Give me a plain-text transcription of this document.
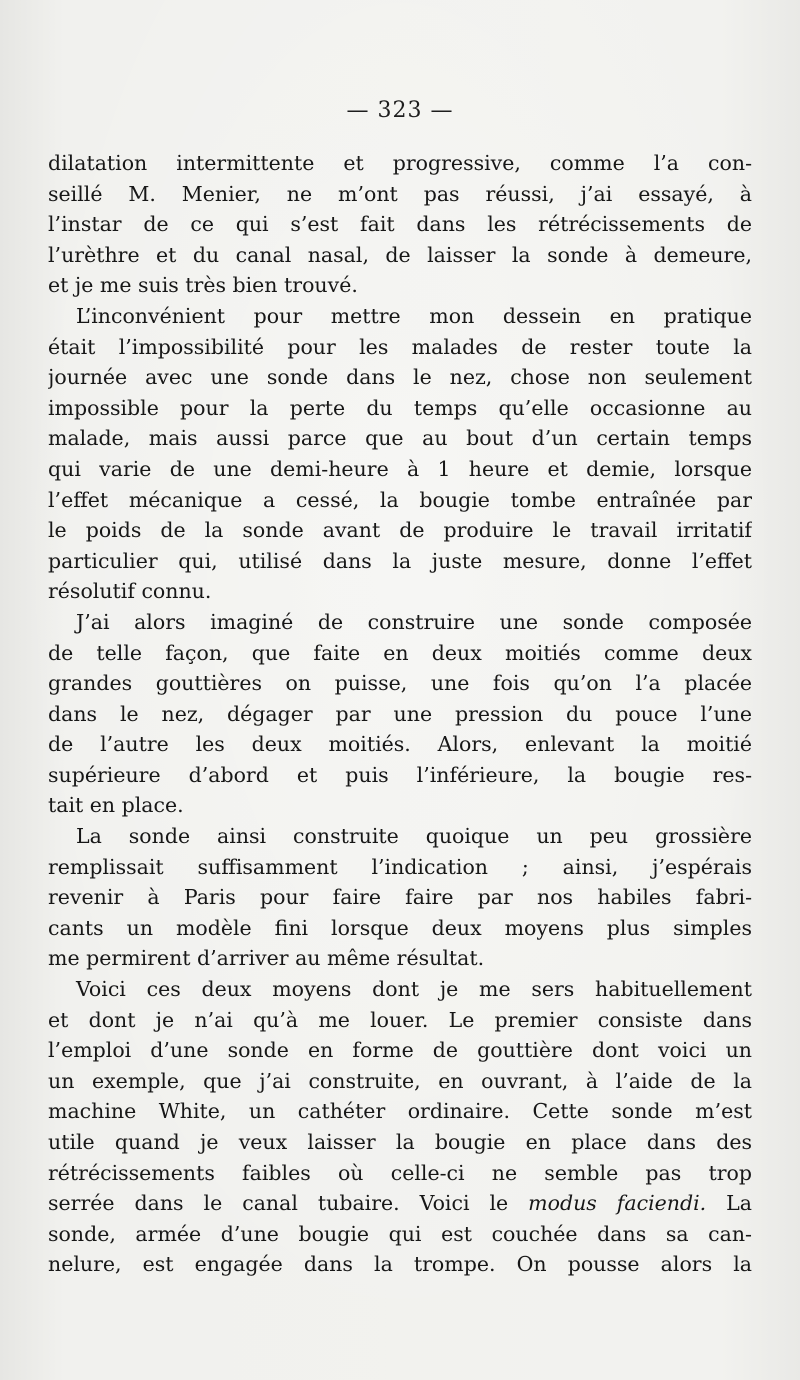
— 323 —
dilatation intermittente et progressive, comme l’a con-
seillé M. Menier, ne m’ont pas réussi, j’ai essayé, à
l’instar de ce qui s’est fait dans les rétrécissements de
l’urèthre et du canal nasal, de laisser la sonde à demeure,
et je me suis très bien trouvé.
L’inconvénient pour mettre mon dessein en pratique
était l’impossibilité pour les malades de rester toute la
journée avec une sonde dans le nez, chose non seulement
impossible pour la perte du temps qu’elle occasionne au
malade, mais aussi parce que au bout d’un certain temps
qui varie de une demi-heure à 1 heure et demie, lorsque
l’effet mécanique a cessé, la bougie tombe entraînée par
le poids de la sonde avant de produire le travail irritatif
particulier qui, utilisé dans la juste mesure, donne l’effet
résolutif connu.
J’ai alors imaginé de construire une sonde composée
de telle façon, que faite en deux moitiés comme deux
grandes gouttières on puisse, une fois qu’on l’a placée
dans le nez, dégager par une pression du pouce l’une
de l’autre les deux moitiés. Alors, enlevant la moitié
supérieure d’abord et puis l’inférieure, la bougie res-
tait en place.
La sonde ainsi construite quoique un peu grossière
remplissait suffisamment l’indication ; ainsi, j’espérais
revenir à Paris pour faire faire par nos habiles fabri-
cants un modèle fini lorsque deux moyens plus simples
me permirent d’arriver au même résultat.
Voici ces deux moyens dont je me sers habituellement
et dont je n’ai qu’à me louer. Le premier consiste dans
l’emploi d’une sonde en forme de gouttière dont voici un
un exemple, que j’ai construite, en ouvrant, à l’aide de la
machine White, un cathéter ordinaire. Cette sonde m’est
utile quand je veux laisser la bougie en place dans des
rétrécissements faibles où celle-ci ne semble pas trop
serrée dans le canal tubaire. Voici le modus faciendi. La
sonde, armée d’une bougie qui est couchée dans sa can-
nelure, est engagée dans la trompe. On pousse alors la
